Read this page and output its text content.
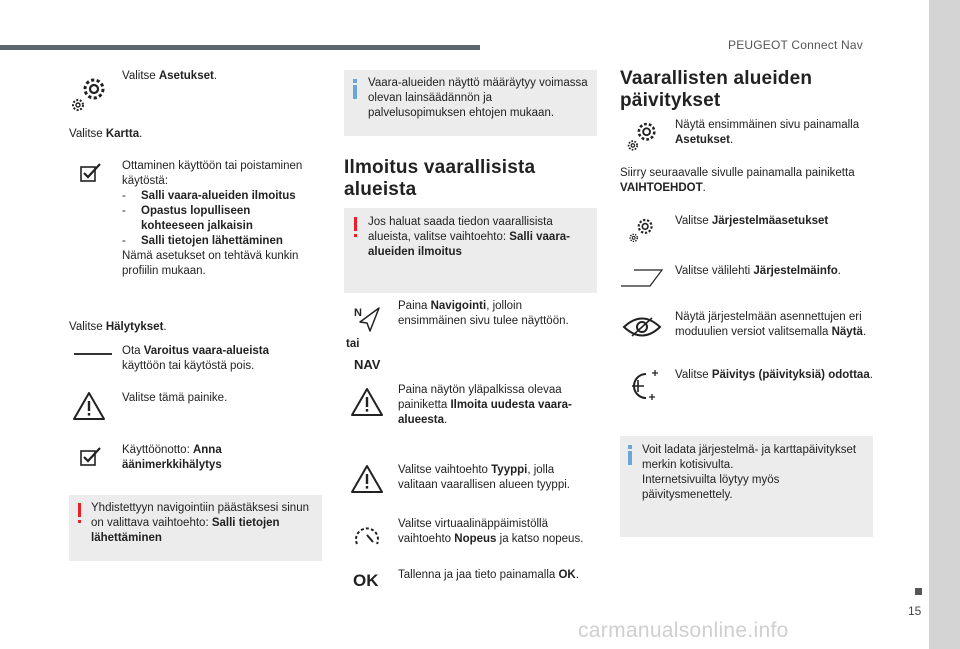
PEUGEOT Connect Nav
15
carmanualsonline.info
Valitse Asetukset.
Valitse Kartta.
Ottaminen käyttöön tai poistaminen käytöstä:
- Salli vaara-alueiden ilmoitus
- Opastus lopulliseen
kohteeseen jalkaisin
- Salli tietojen lähettäminen
Nämä asetukset on tehtävä kunkin profiilin mukaan.
Valitse Hälytykset.
Ota Varoitus vaara-alueista käyttöön tai käytöstä pois.
Valitse tämä painike.
Käyttöönotto: Anna äänimerkkihälytys
Yhdistettyyn navigointiin päästäksesi sinun on valittava vaihtoehto: Salli tietojen lähettäminen
Vaara-alueiden näyttö määräytyy voimassa olevan lainsäädännön ja palvelusopimuksen ehtojen mukaan.
Ilmoitus vaarallisista alueista
Jos haluat saada tiedon vaarallisista alueista, valitse vaihtoehto: Salli vaara-alueiden ilmoitus
N
tai
NAV
Paina Navigointi, jolloin ensimmäinen sivu tulee näyttöön.
Paina näytön yläpalkissa olevaa painiketta Ilmoita uudesta vaara-alueesta.
Valitse vaihtoehto Tyyppi, jolla valitaan vaarallisen alueen tyyppi.
Valitse virtuaalinäppäimistöllä vaihtoehto Nopeus ja katso nopeus.
OK Tallenna ja jaa tieto painamalla OK.
Vaarallisten alueiden päivitykset
Näytä ensimmäinen sivu painamalla Asetukset.
Siirry seuraavalle sivulle painamalla painiketta VAIHTOEHDOT.
Valitse Järjestelmäasetukset
Valitse välilehti Järjestelmäinfo.
Näytä järjestelmään asennettujen eri moduulien versiot valitsemalla Näytä.
Valitse Päivitys (päivityksiä) odottaa.
Voit ladata järjestelmä- ja karttapäivitykset merkin kotisivulta.
Internetsivuilta löytyy myös päivitysmenettely.
